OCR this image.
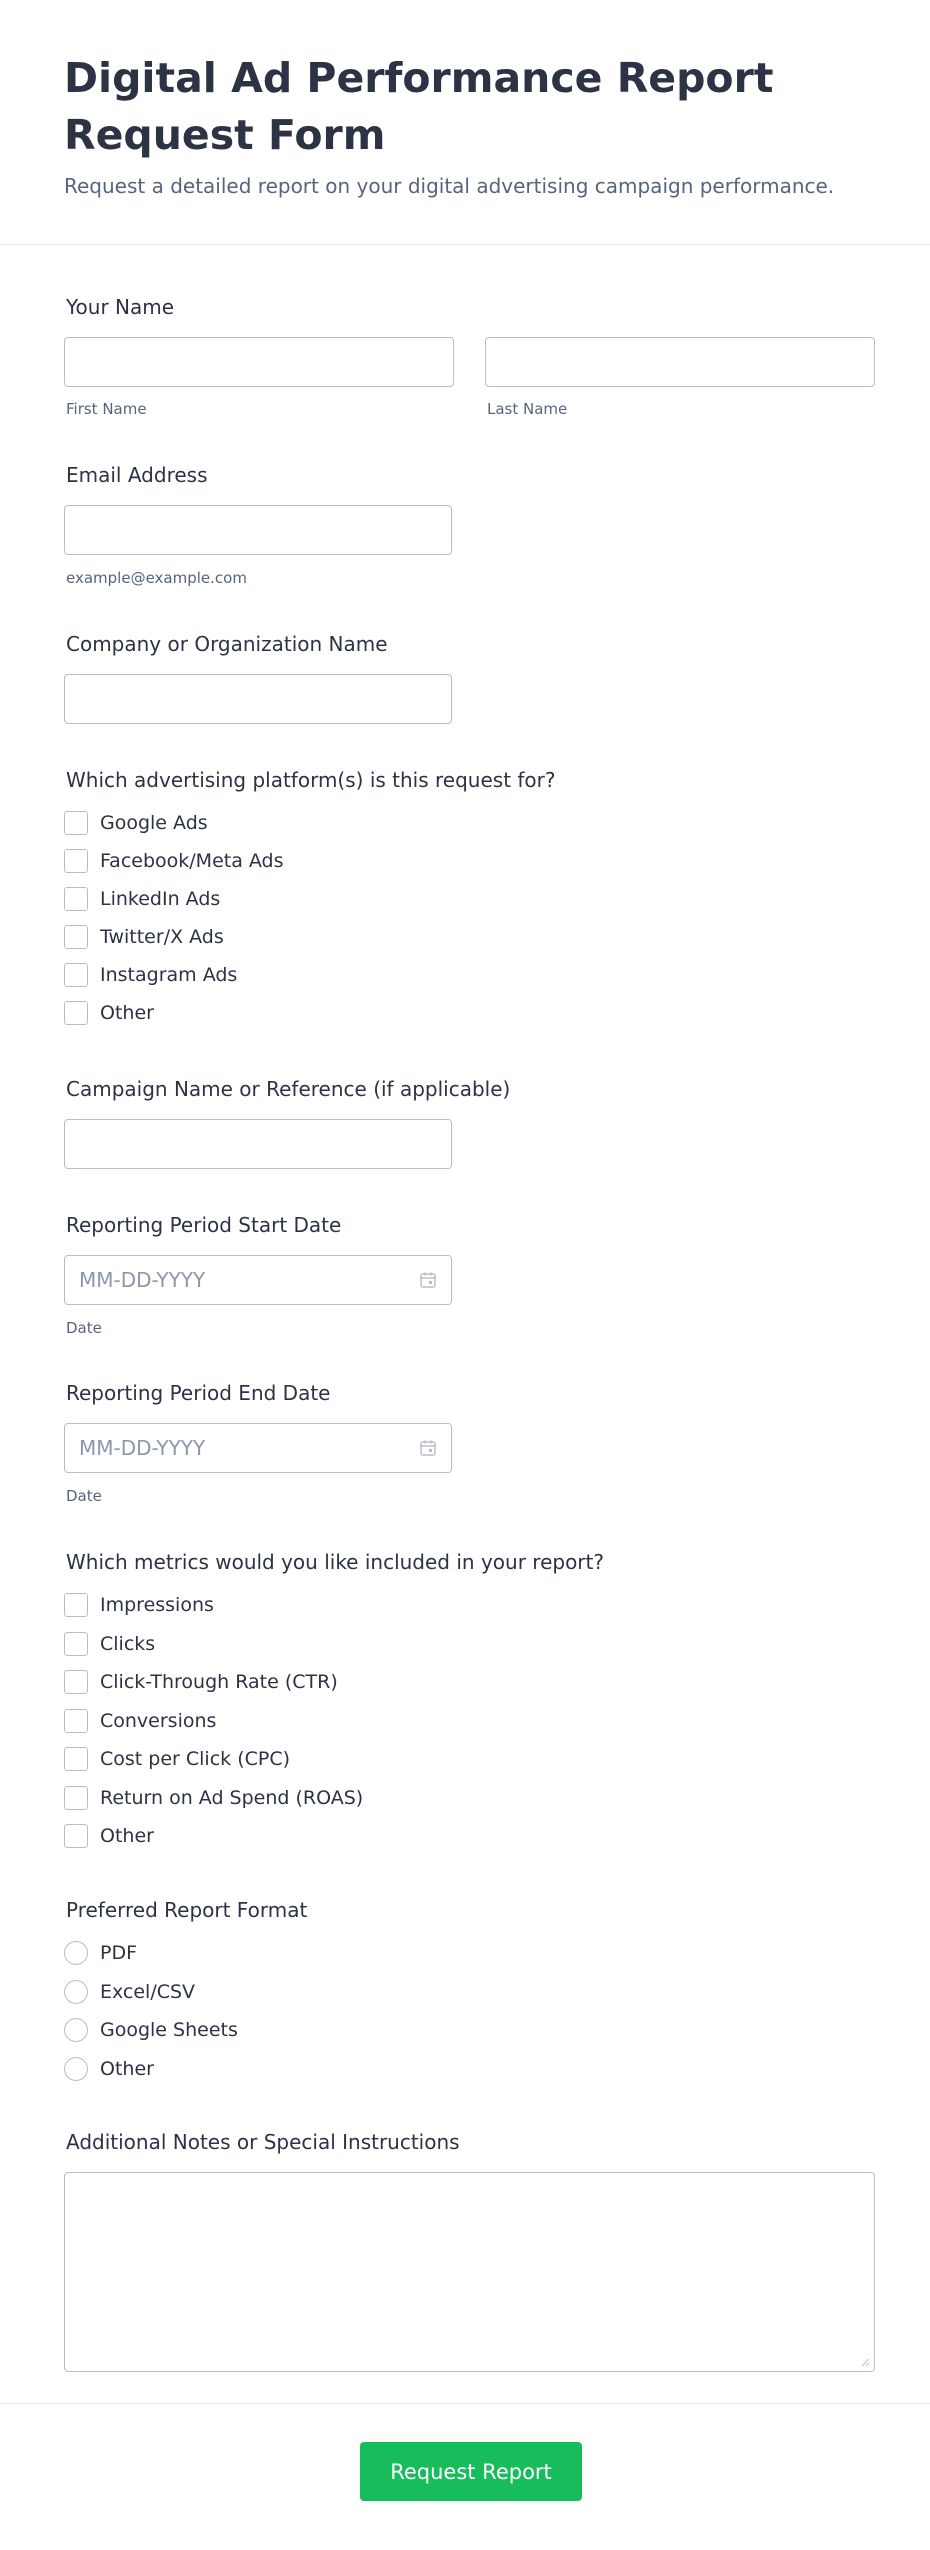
Digital Ad Performance Report Request Form

Request a detailed report on your digital advertising campaign performance.

Your Name
First Name	Last Name
Email Address
example@example.com
Company or Organization Name
Which advertising platform(s) is this request for?
Google Ads
Facebook/Meta Ads
LinkedIn Ads
Twitter/X Ads
Instagram Ads
Other
Campaign Name or Reference (if applicable)
Reporting Period Start Date
MM-DD-YYYY
Date
Reporting Period End Date
MM-DD-YYYY
Date
Which metrics would you like included in your report?
Impressions
Clicks
Click-Through Rate (CTR)
Conversions
Cost per Click (CPC)
Return on Ad Spend (ROAS)
Other
Preferred Report Format
PDF
Excel/CSV
Google Sheets
Other
Additional Notes or Special Instructions
Request Report
